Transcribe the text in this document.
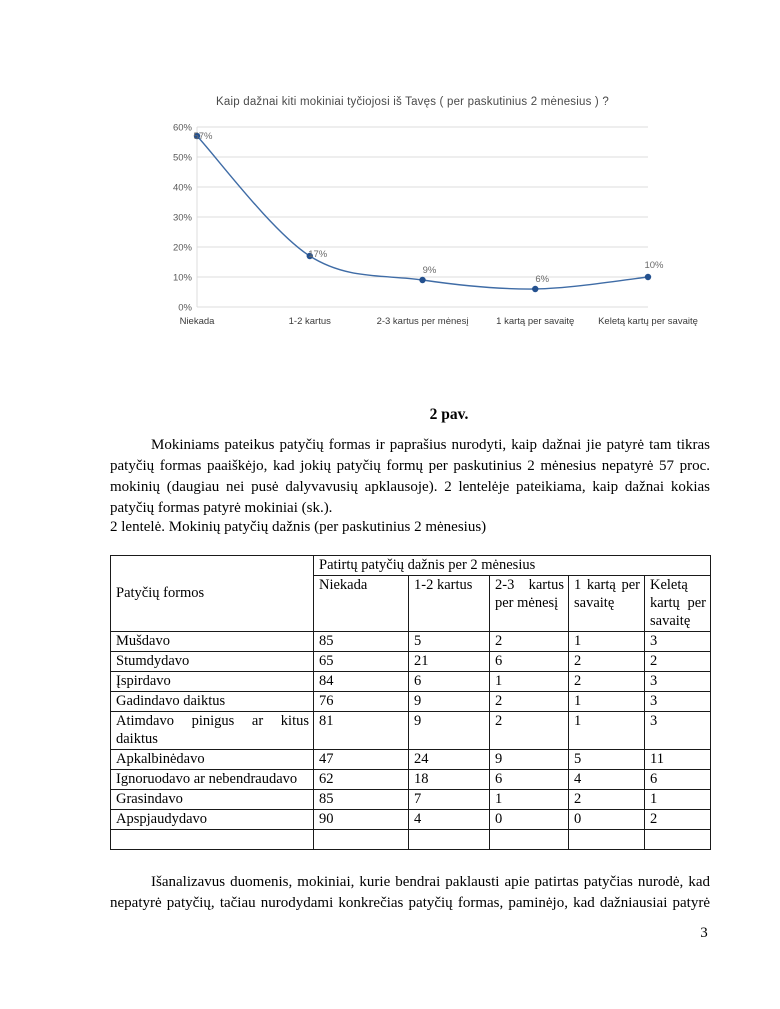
Kaip dažnai kiti mokiniai tyčiojosi iš Tavęs ( per paskutinius 2 mėnesius ) ?
60%
50%
40%
30%
20%
10%
0%
57%
17%
9%
6%
10%
Niekada	1-2 kartus	2-3 kartus per mėnesį	1 kartą per savaitę	Keletą kartų per savaitę
2 pav.
Mokiniams pateikus patyčių formas ir paprašius nurodyti, kaip dažnai jie patyrė tam tikras patyčių formas paaiškėjo, kad jokių patyčių formų per paskutinius 2 mėnesius nepatyrė 57 proc. mokinių (daugiau nei pusė dalyvavusių apklausoje). 2 lentelėje pateikiama, kaip dažnai kokias patyčių formas patyrė mokiniai (sk.).
2 lentelė. Mokinių patyčių dažnis (per paskutinius 2 mėnesius)
Patyčių formos	Patirtų patyčių dažnis per 2 mėnesius				
	Niekada	1-2 kartus	2-3 kartus per mėnesį	1 kartą per savaitę	Keletą kartų per savaitę
Mušdavo	85	5	2	1	3
Stumdydavo	65	21	6	2	2
Įspirdavo	84	6	1	2	3
Gadindavo daiktus	76	9	2	1	3
Atimdavo pinigus ar kitus daiktus	81	9	2	1	3
Apkalbinėdavo	47	24	9	5	11
Ignoruodavo ar nebendraudavo	62	18	6	4	6
Grasindavo	85	7	1	2	1
Apspjaudydavo	90	4	0	0	2

Išanalizavus duomenis, mokiniai, kurie bendrai paklausti apie patirtas patyčias nurodė, kad nepatyrė patyčių, tačiau nurodydami konkrečias patyčių formas, paminėjo, kad dažniausiai patyrė
3
